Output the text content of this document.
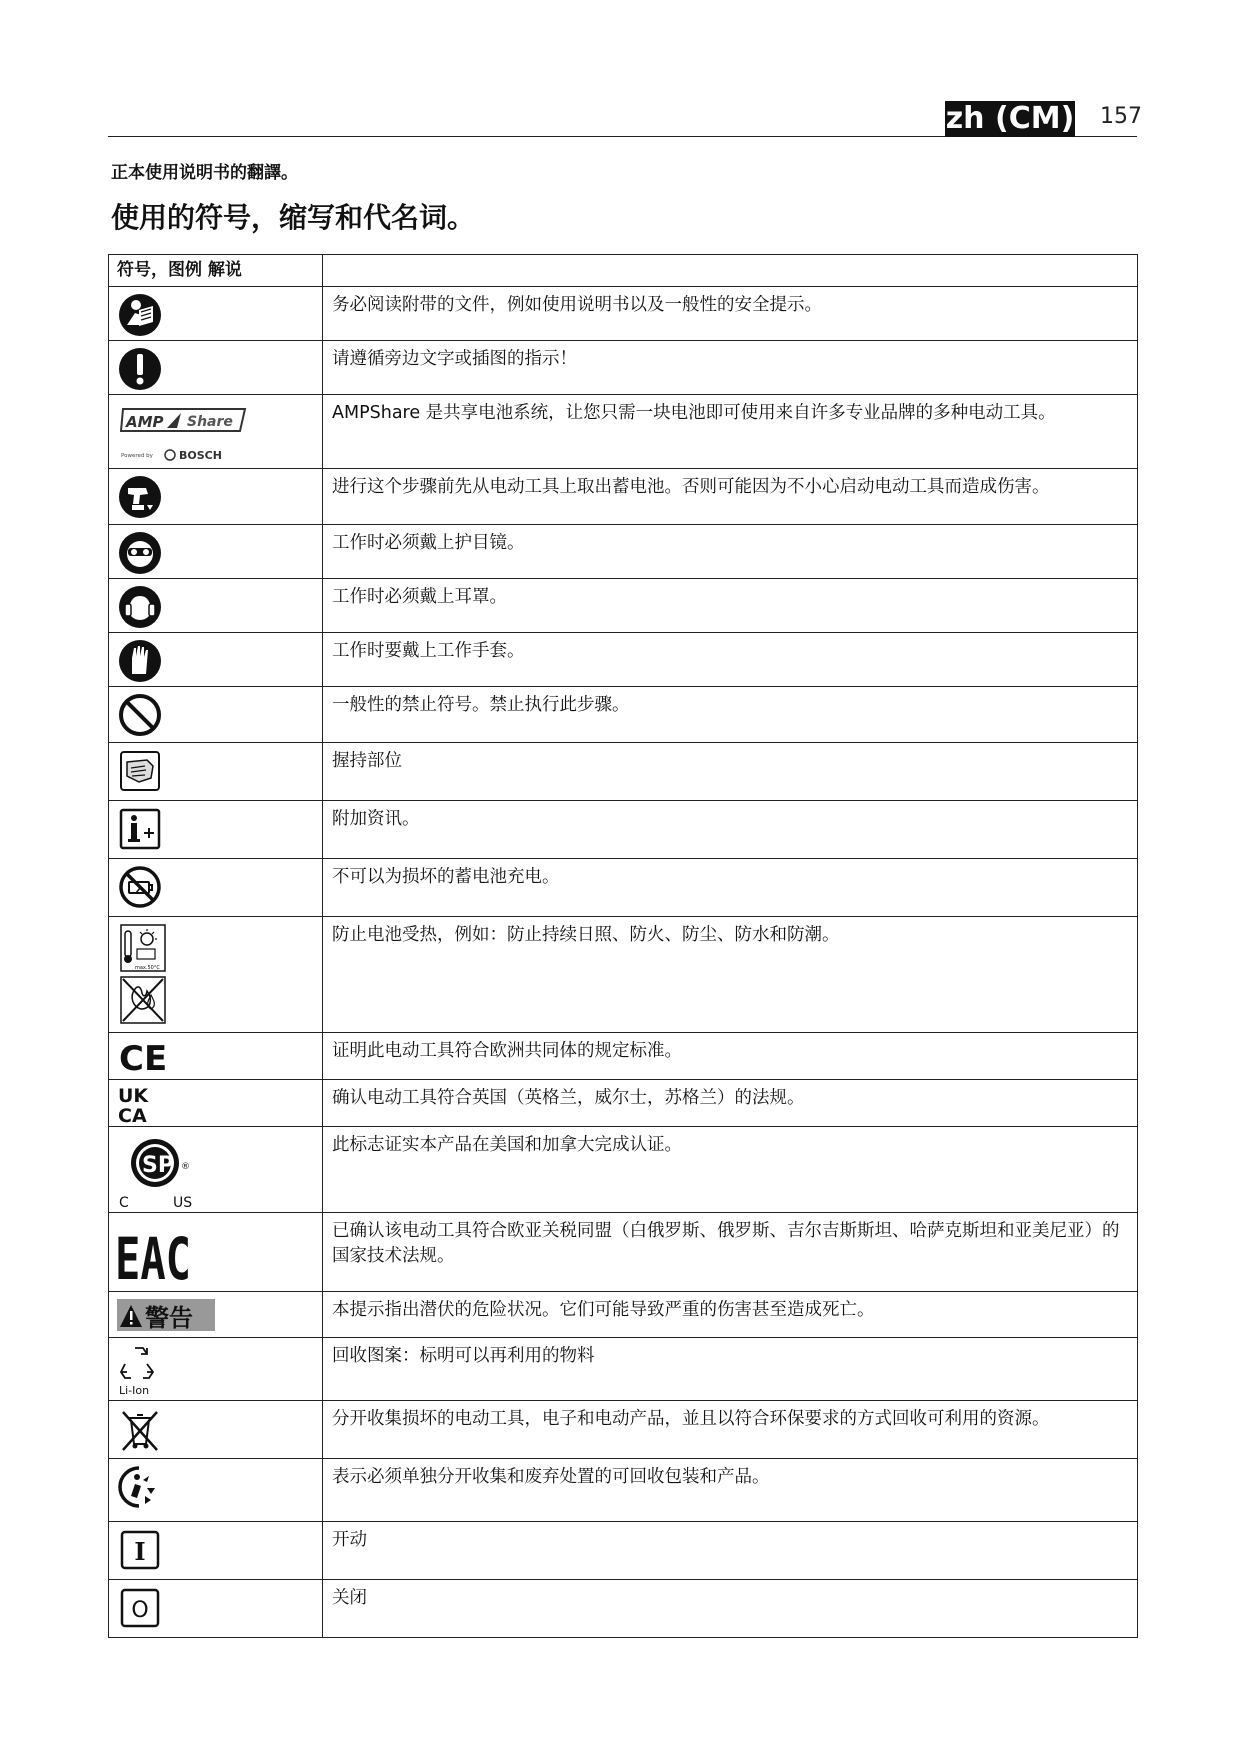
zh (CM) 157
正本使用说明书的翻譯。
使用的符号，缩写和代名词。
符号，图例 解说	

	务必阅读附带的文件，例如使用说明书以及一般性的安全提示。

	请遵循旁边文字或插图的指示！

AMP Share
Powered by BOSCH	AMPShare 是共享电池系统，让您只需一块电池即可使用来自许多专业品牌的多种电动工具。

	进行这个步骤前先从电动工具上取出蓄电池。否则可能因为不小心启动电动工具而造成伤害。

	工作时必须戴上护目镜。

	工作时必须戴上耳罩。

	工作时要戴上工作手套。

	一般性的禁止符号。禁止执行此步骤。

	握持部位

	附加资讯。

	不可以为损坏的蓄电池充电。

max.50°C	防止电池受热，例如：防止持续日照、防火、防尘、防水和防潮。

CE	证明此电动工具符合欧洲共同体的规定标准。

UK
CA	确认电动工具符合英国（英格兰，威尔士，苏格兰）的法规。

SP ®
C US	此标志证实本产品在美国和加拿大完成认证。

EAC	已确认该电动工具符合欧亚关税同盟（白俄罗斯、俄罗斯、吉尔吉斯斯坦、哈萨克斯坦和亚美尼亚）的国家技术法规。

警告	本提示指出潜伏的危险状况。它们可能导致严重的伤害甚至造成死亡。

Li-Ion	回收图案：标明可以再利用的物料

	分开收集损坏的电动工具，电子和电动产品，並且以符合环保要求的方式回收可利用的资源。

	表示必须单独分开收集和废弃处置的可回收包装和产品。

I	开动

O	关闭
